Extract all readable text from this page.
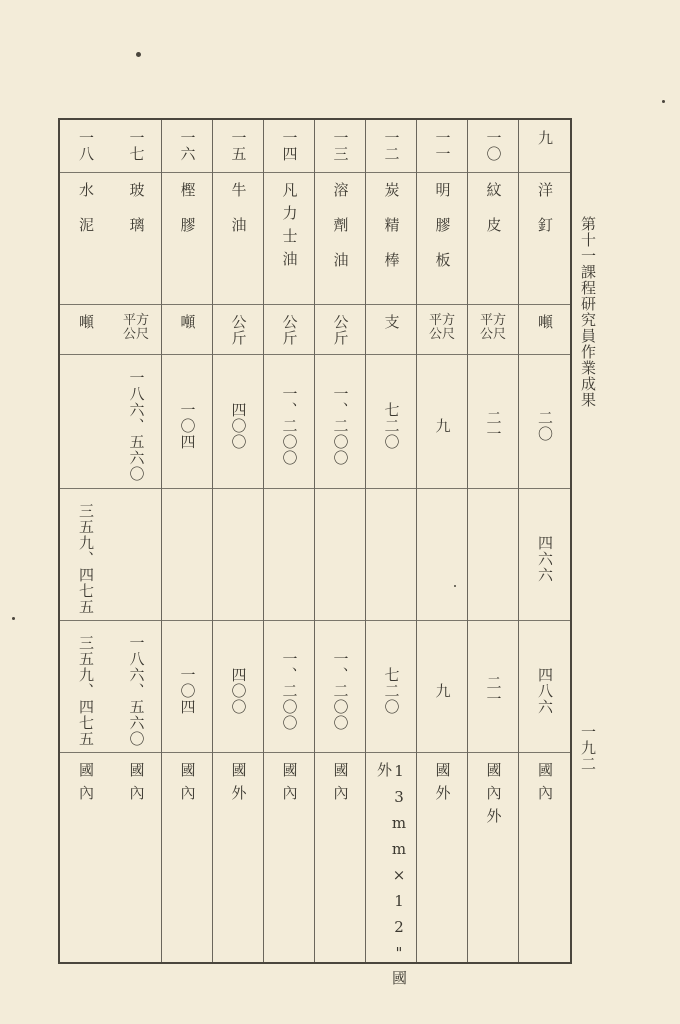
九
洋釘
噸
二〇
四六六
四八六
國內
一〇
紋皮
平方
公尺
二一
二一
國內外
一一
明膠板
平方
公尺
九
九
國外
一二
炭精棒
支
七二〇
七二〇
13mm×12"國外
一三
溶劑油
公斤
一、二〇〇
一、二〇〇
國內
一四
凡力士油
公斤
一、二〇〇
一、二〇〇
國內
一五
牛油
公斤
四〇〇
四〇〇
國外
一六
樫膠
噸
一〇四
一〇四
國內
一七
玻璃
平方
公尺
一八六、五六〇
一八六、五六〇
國內
一八
水泥
噸
三五九、四七五
三五九、四七五
國內
第十一課程研究員作業成果
一九二
